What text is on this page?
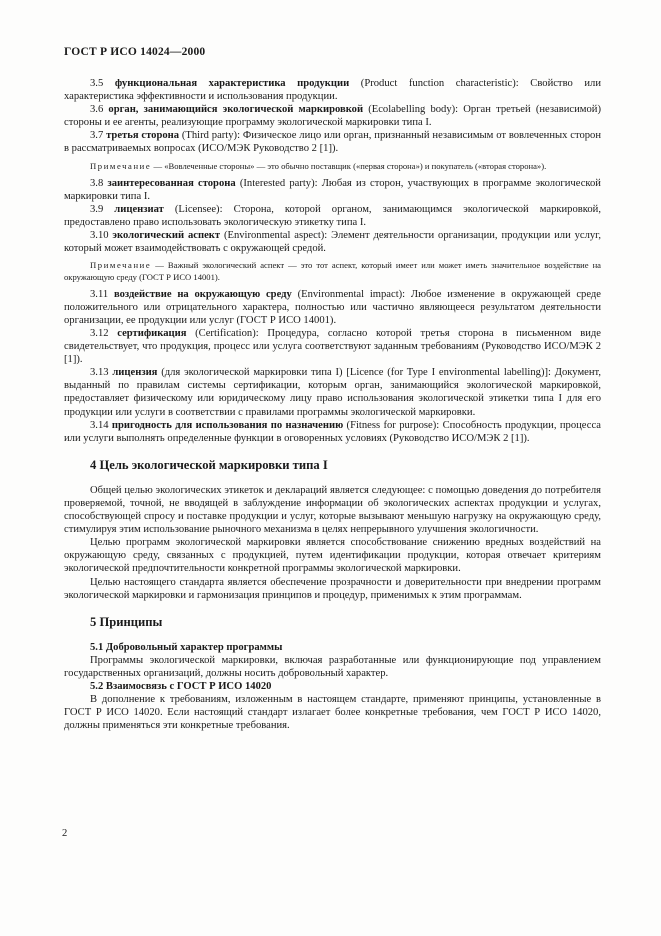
ГОСТ Р ИСО 14024—2000

3.5 функциональная характеристика продукции (Product function characteristic): Свойство или характеристика эффективности и использования продукции.

3.6 орган, занимающийся экологической маркировкой (Ecolabelling body): Орган третьей (независимой) стороны и ее агенты, реализующие программу экологической маркировки типа I.

3.7 третья сторона (Third party): Физическое лицо или орган, признанный независимым от вовлеченных сторон в рассматриваемых вопросах (ИСО/МЭК Руководство 2 [1]).

Примечание — «Вовлеченные стороны» — это обычно поставщик («первая сторона») и покупатель («вторая сторона»).

3.8 заинтересованная сторона (Interested party): Любая из сторон, участвующих в программе экологической маркировки типа I.

3.9 лицензиат (Licensee): Сторона, которой органом, занимающимся экологической маркировкой, предоставлено право использовать экологическую этикетку типа I.

3.10 экологический аспект (Environmental aspect): Элемент деятельности организации, продукции или услуг, который может взаимодействовать с окружающей средой.

Примечание — Важный экологический аспект — это тот аспект, который имеет или может иметь значительное воздействие на окружающую среду (ГОСТ Р ИСО 14001).

3.11 воздействие на окружающую среду (Environmental impact): Любое изменение в окружающей среде положительного или отрицательного характера, полностью или частично являющееся результатом деятельности организации, ее продукции или услуг (ГОСТ Р ИСО 14001).

3.12 сертификация (Certification): Процедура, согласно которой третья сторона в письменном виде свидетельствует, что продукция, процесс или услуга соответствуют заданным требованиям (Руководство ИСО/МЭК 2 [1]).

3.13 лицензия (для экологической маркировки типа I) [Licence (for Type I environmental labelling)]: Документ, выданный по правилам системы сертификации, которым орган, занимающийся экологической маркировкой, предоставляет физическому или юридическому лицу право использования экологической этикетки типа I для его продукции или услуги в соответствии с правилами программы экологической маркировки.

3.14 пригодность для использования по назначению (Fitness for purpose): Способность продукции, процесса или услуги выполнять определенные функции в оговоренных условиях (Руководство ИСО/МЭК 2 [1]).

4 Цель экологической маркировки типа I

Общей целью экологических этикеток и деклараций является следующее: с помощью доведения до потребителя проверяемой, точной, не вводящей в заблуждение информации об экологических аспектах продукции и услугах, способствующей спросу и поставке продукции и услуг, которые вызывают меньшую нагрузку на окружающую среду, стимулируя этим использование рыночного механизма в целях непрерывного улучшения экологичности.

Целью программ экологической маркировки является способствование снижению вредных воздействий на окружающую среду, связанных с продукцией, путем идентификации продукции, которая отвечает критериям экологической предпочтительности конкретной программы экологической маркировки.

Целью настоящего стандарта является обеспечение прозрачности и доверительности при внедрении программ экологической маркировки и гармонизация принципов и процедур, применимых к этим программам.

5 Принципы
5.1 Добровольный характер программы

Программы экологической маркировки, включая разработанные или функционирующие под управлением государственных организаций, должны носить добровольный характер.

5.2 Взаимосвязь с ГОСТ Р ИСО 14020

В дополнение к требованиям, изложенным в настоящем стандарте, применяют принципы, установленные в ГОСТ Р ИСО 14020. Если настоящий стандарт излагает более конкретные требования, чем ГОСТ Р ИСО 14020, должны применяться эти конкретные требования.

2
